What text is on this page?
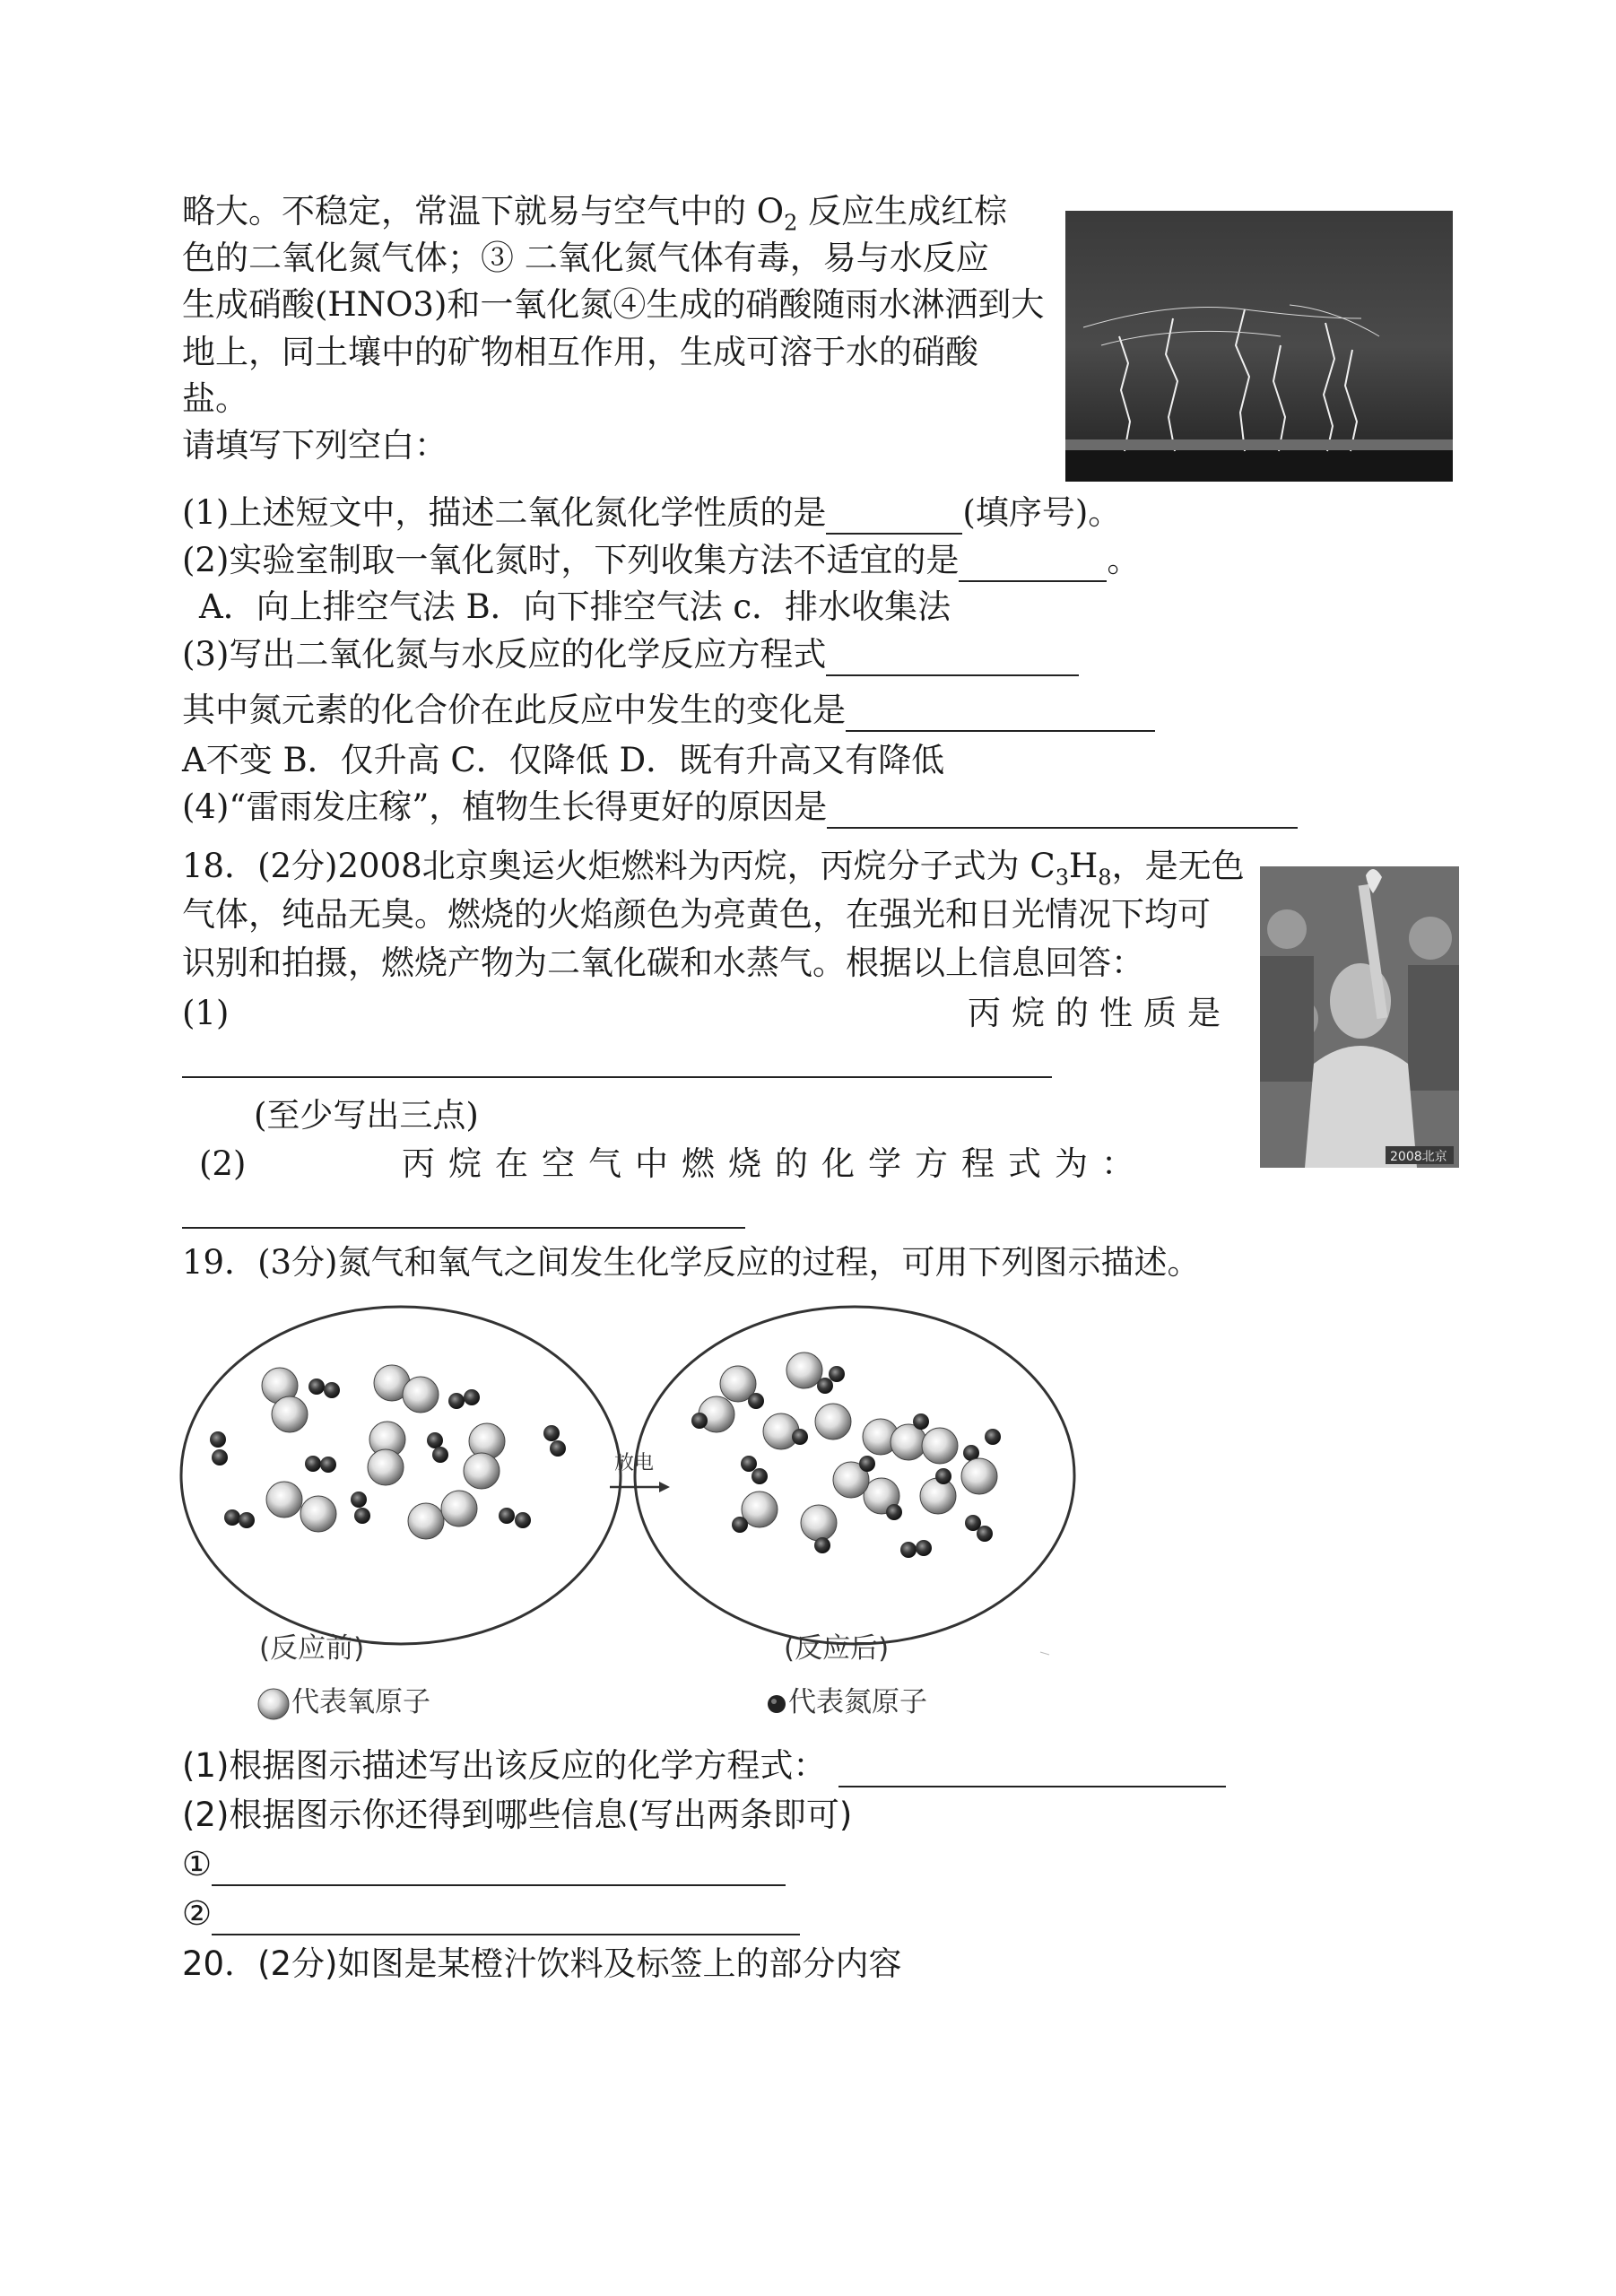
略大。不稳定，常温下就易与空气中的 $O_2$ 反应生成红棕
色的二氧化氮气体；③ 二氧化氮气体有毒，易与水反应
生成硝酸(HNO3)和一氧化氮④生成的硝酸随雨水淋洒到大
地上，同土壤中的矿物相互作用，生成可溶于水的硝酸
盐。
请填写下列空白：
(1)上述短文中，描述二氧化氮化学性质的是	(填序号)。
(2)实验室制取一氧化氮时，下列收集方法不适宜的是	。
A．向上排空气法 B．向下排空气法 c．排水收集法
(3)写出二氧化氮与水反应的化学反应方程式
其中氮元素的化合价在此反应中发生的变化是
A不变 B．仅升高 C．仅降低 D．既有升高又有降低
(4)“雷雨发庄稼”，植物生长得更好的原因是
18．(2分)2008北京奥运火炬燃料为丙烷，丙烷分子式为 $C_3H_8$，是无色
气体，纯品无臭。燃烧的火焰颜色为亮黄色，在强光和日光情况下均可
识别和拍摄，燃烧产物为二氧化碳和水蒸气。根据以上信息回答：
(1)	丙烷的性质是
(至少写出三点)
(2)	丙烷在空气中燃烧的化学方程式为：	2008北京
19．(3分)氮气和氧气之间发生化学反应的过程，可用下列图示描述。
放电
(反应前)	(反应后)
代表氧原子	代表氮原子
(1)根据图示描述写出该反应的化学方程式：
(2)根据图示你还得到哪些信息(写出两条即可)
①
②
20．(2分)如图是某橙汁饮料及标签上的部分内容
